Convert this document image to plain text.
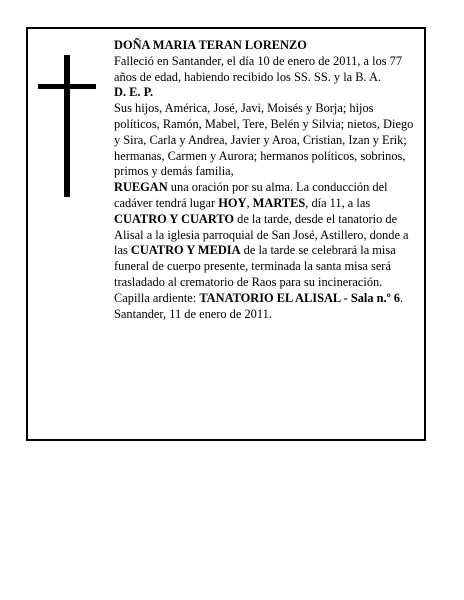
DOÑA MARIA TERAN LORENZO

Falleció en Santander, el día 10 de enero de 2011, a los 77 años de edad, habiendo recibido los SS. SS. y la B. A.

D. E. P.

Sus hijos, América, José, Javi, Moisés y Borja; hijos políticos, Ramón, Mabel, Tere, Belén y Silvia; nietos, Diego y Sira, Carla y Andrea, Javier y Aroa, Cristian, Izan y Erik; hermanas, Carmen y Aurora; hermanos políticos, sobrinos, primos y demás familia,

RUEGAN una oración por su alma. La conducción del cadáver tendrá lugar HOY, MARTES, día 11, a las CUATRO Y CUARTO de la tarde, desde el tanatorio de Alisal a la iglesia parroquial de San José, Astillero, donde a las CUATRO Y MEDIA de la tarde se celebrará la misa funeral de cuerpo presente, terminada la santa misa será trasladado al crematorio de Raos para su incineración.

Capilla ardiente: TANATORIO EL ALISAL - Sala n.º 6.

Santander, 11 de enero de 2011.
